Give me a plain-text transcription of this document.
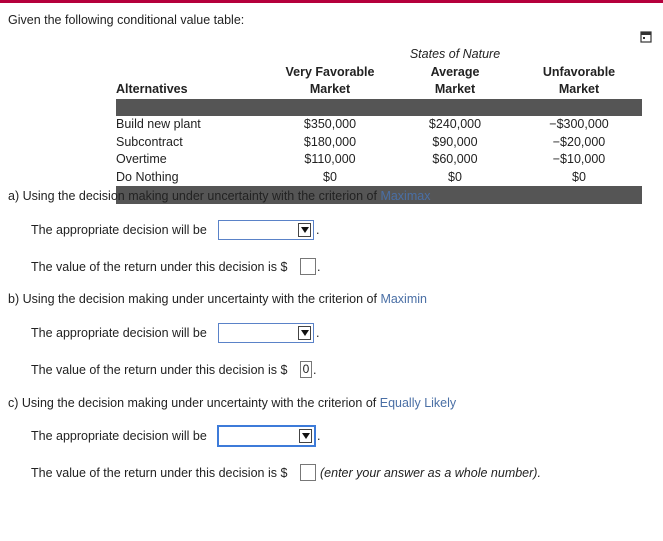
Given the following conditional value table:
		States of Nature	
	Very Favorable	Average	Unfavorable
Alternatives	Market	Market	Market

Build new plant	$350,000	$240,000	−$300,000
Subcontract	$180,000	$90,000	−$20,000
Overtime	$110,000	$60,000	−$10,000
Do Nothing	$0	$0	$0

a) Using the decision making under uncertainty with the criterion of Maximax
The appropriate decision will be	.
The value of the return under this decision is $ .
b) Using the decision making under uncertainty with the criterion of Maximin
The appropriate decision will be	.
The value of the return under this decision is $ 0 .
c) Using the decision making under uncertainty with the criterion of Equally Likely
The appropriate decision will be	.
The value of the return under this decision is $	(enter your answer as a whole number).
